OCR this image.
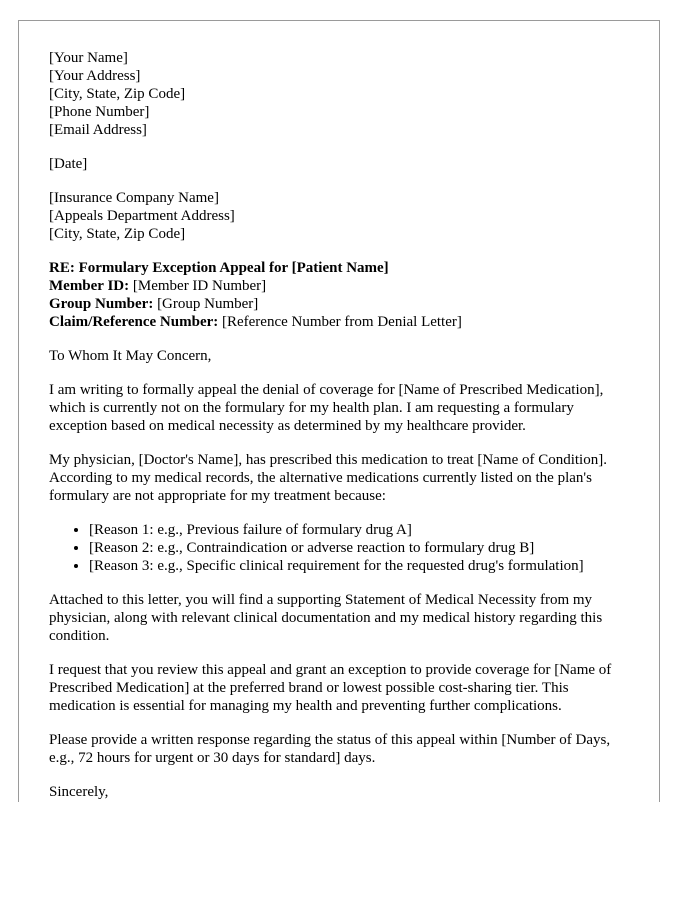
[Your Name]
[Your Address]
[City, State, Zip Code]
[Phone Number]
[Email Address]
[Date]
[Insurance Company Name]
[Appeals Department Address]
[City, State, Zip Code]
RE: Formulary Exception Appeal for [Patient Name]
Member ID: [Member ID Number]
Group Number: [Group Number]
Claim/Reference Number: [Reference Number from Denial Letter]

To Whom It May Concern,

I am writing to formally appeal the denial of coverage for [Name of Prescribed Medication], which is currently not on the formulary for my health plan. I am requesting a formulary exception based on medical necessity as determined by my healthcare provider.

My physician, [Doctor's Name], has prescribed this medication to treat [Name of Condition]. According to my medical records, the alternative medications currently listed on the plan's formulary are not appropriate for my treatment because:

• [Reason 1: e.g., Previous failure of formulary drug A]
• [Reason 2: e.g., Contraindication or adverse reaction to formulary drug B]
• [Reason 3: e.g., Specific clinical requirement for the requested drug's formulation]

Attached to this letter, you will find a supporting Statement of Medical Necessity from my physician, along with relevant clinical documentation and my medical history regarding this condition.

I request that you review this appeal and grant an exception to provide coverage for [Name of Prescribed Medication] at the preferred brand or lowest possible cost-sharing tier. This medication is essential for managing my health and preventing further complications.

Please provide a written response regarding the status of this appeal within [Number of Days, e.g., 72 hours for urgent or 30 days for standard] days.

Sincerely,
